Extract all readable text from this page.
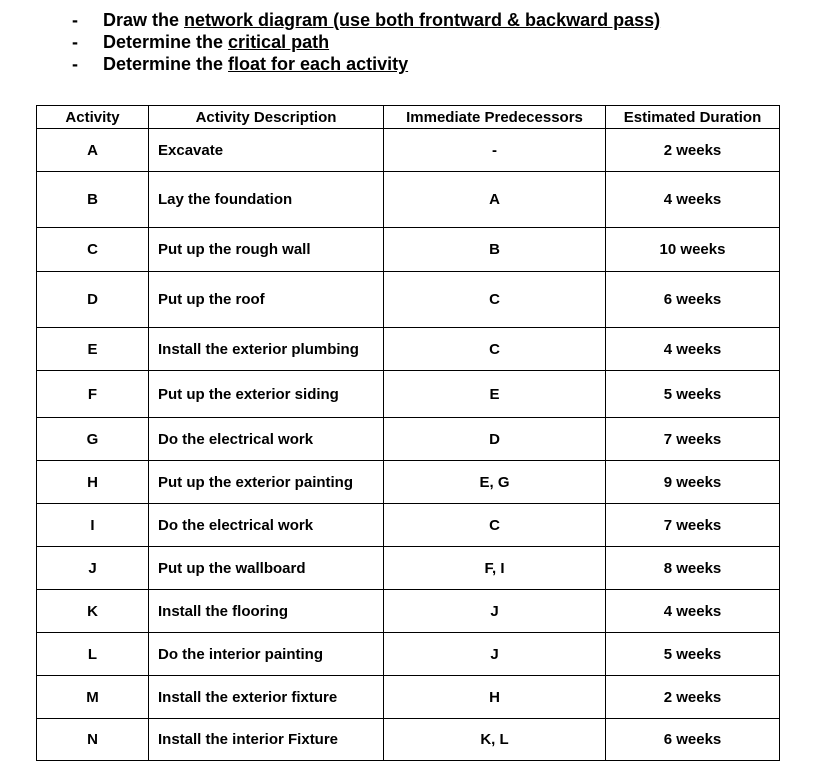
- Draw the network diagram (use both frontward & backward pass)
- Determine the critical path
- Determine the float for each activity
Activity	Activity Description	Immediate Predecessors	Estimated Duration
A	Excavate	-	2 weeks
B	Lay the foundation	A	4 weeks
C	Put up the rough wall	B	10 weeks
D	Put up the roof	C	6 weeks
E	Install the exterior plumbing	C	4 weeks
F	Put up the exterior siding	E	5 weeks
G	Do the electrical work	D	7 weeks
H	Put up the exterior painting	E, G	9 weeks
I	Do the electrical work	C	7 weeks
J	Put up the wallboard	F, I	8 weeks
K	Install the flooring	J	4 weeks
L	Do the interior painting	J	5 weeks
M	Install the exterior fixture	H	2 weeks
N	Install the interior Fixture	K, L	6 weeks
